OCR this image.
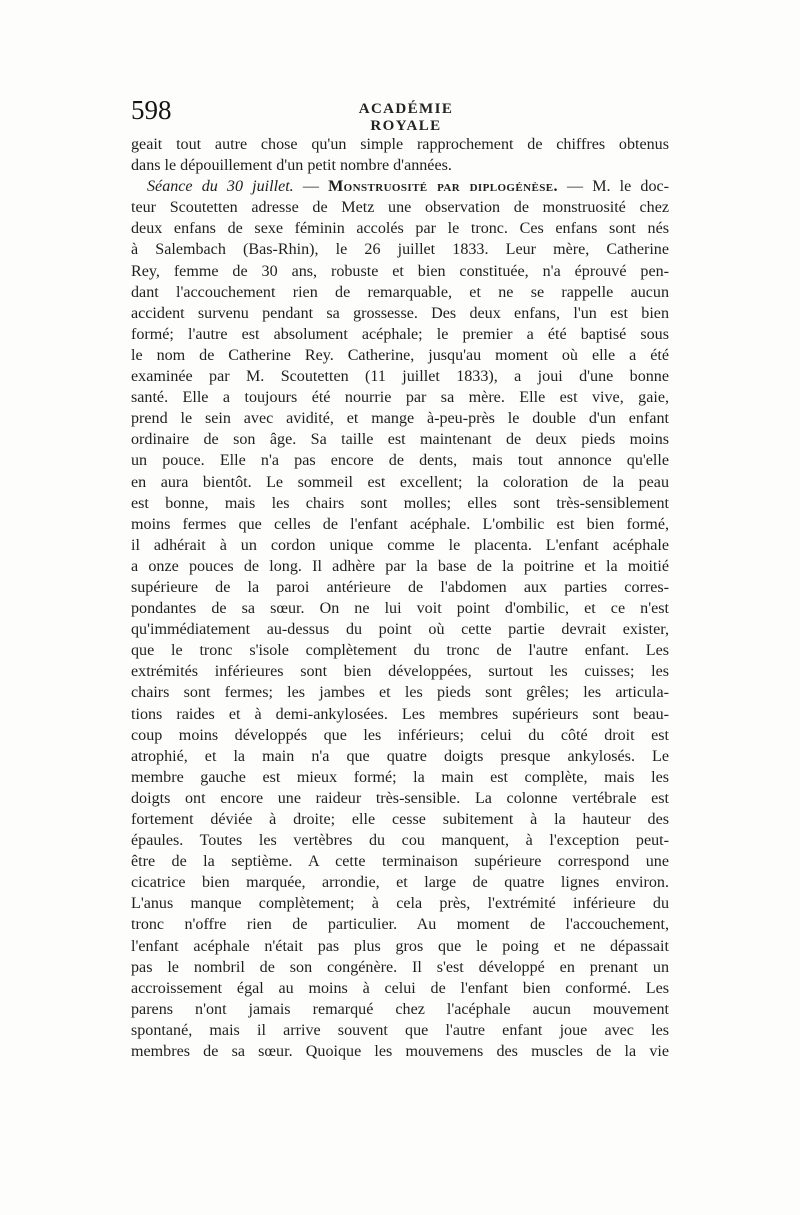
598	ACADÉMIE ROYALE
geait tout autre chose qu'un simple rapprochement de chiffres obtenus
dans le dépouillement d'un petit nombre d'années.
Séance du 30 juillet. — Monstruosité par diplogénèse. — M. le doc-
teur Scoutetten adresse de Metz une observation de monstruosité chez
deux enfans de sexe féminin accolés par le tronc. Ces enfans sont nés
à Salembach (Bas-Rhin), le 26 juillet 1833. Leur mère, Catherine
Rey, femme de 30 ans, robuste et bien constituée, n'a éprouvé pen-
dant l'accouchement rien de remarquable, et ne se rappelle aucun
accident survenu pendant sa grossesse. Des deux enfans, l'un est bien
formé; l'autre est absolument acéphale; le premier a été baptisé sous
le nom de Catherine Rey. Catherine, jusqu'au moment où elle a été
examinée par M. Scoutetten (11 juillet 1833), a joui d'une bonne
santé. Elle a toujours été nourrie par sa mère. Elle est vive, gaie,
prend le sein avec avidité, et mange à-peu-près le double d'un enfant
ordinaire de son âge. Sa taille est maintenant de deux pieds moins
un pouce. Elle n'a pas encore de dents, mais tout annonce qu'elle
en aura bientôt. Le sommeil est excellent; la coloration de la peau
est bonne, mais les chairs sont molles; elles sont très-sensiblement
moins fermes que celles de l'enfant acéphale. L'ombilic est bien formé,
il adhérait à un cordon unique comme le placenta. L'enfant acéphale
a onze pouces de long. Il adhère par la base de la poitrine et la moitié
supérieure de la paroi antérieure de l'abdomen aux parties corres-
pondantes de sa sœur. On ne lui voit point d'ombilic, et ce n'est
qu'immédiatement au-dessus du point où cette partie devrait exister,
que le tronc s'isole complètement du tronc de l'autre enfant. Les
extrémités inférieures sont bien développées, surtout les cuisses; les
chairs sont fermes; les jambes et les pieds sont grêles; les articula-
tions raides et à demi-ankylosées. Les membres supérieurs sont beau-
coup moins développés que les inférieurs; celui du côté droit est
atrophié, et la main n'a que quatre doigts presque ankylosés. Le
membre gauche est mieux formé; la main est complète, mais les
doigts ont encore une raideur très-sensible. La colonne vertébrale est
fortement déviée à droite; elle cesse subitement à la hauteur des
épaules. Toutes les vertèbres du cou manquent, à l'exception peut-
être de la septième. A cette terminaison supérieure correspond une
cicatrice bien marquée, arrondie, et large de quatre lignes environ.
L'anus manque complètement; à cela près, l'extrémité inférieure du
tronc n'offre rien de particulier. Au moment de l'accouchement,
l'enfant acéphale n'était pas plus gros que le poing et ne dépassait
pas le nombril de son congénère. Il s'est développé en prenant un
accroissement égal au moins à celui de l'enfant bien conformé. Les
parens n'ont jamais remarqué chez l'acéphale aucun mouvement
spontané, mais il arrive souvent que l'autre enfant joue avec les
membres de sa sœur. Quoique les mouvemens des muscles de la vie
